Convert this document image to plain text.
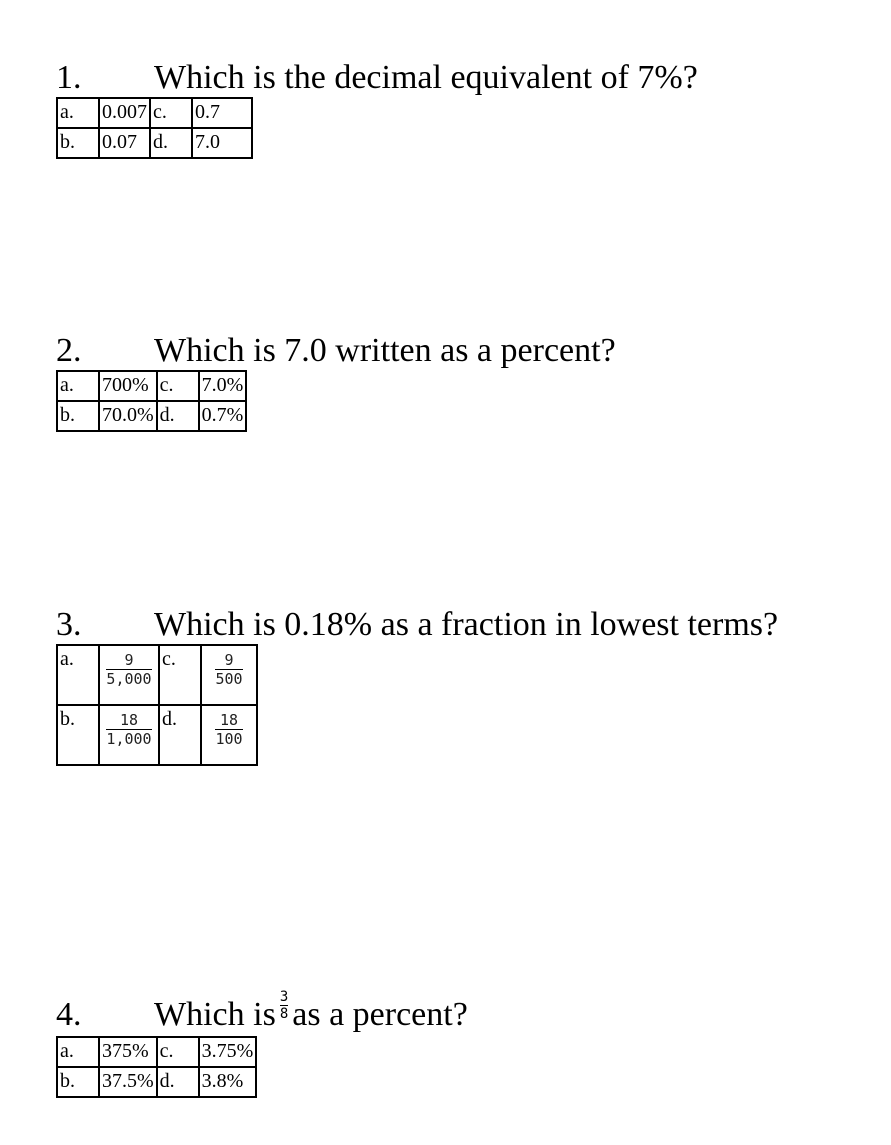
1. Which is the decimal equivalent of 7%?
a.	0.007	c.	0.7
b.	0.07	d.	7.0
2. Which is 7.0 written as a percent?
a.	700%	c.	7.0%
b.	70.0%	d.	0.7%
3. Which is 0.18% as a fraction in lowest terms?
a.	$\frac{9}{5,000}$	c.	$\frac{9}{500}$

b.	$\frac{18}{1,000}$	d.	$\frac{18}{100}$
4. Which is $\frac{3}{8}$ as a percent?
a.	375%	c.	3.75%
b.	37.5%	d.	3.8%
